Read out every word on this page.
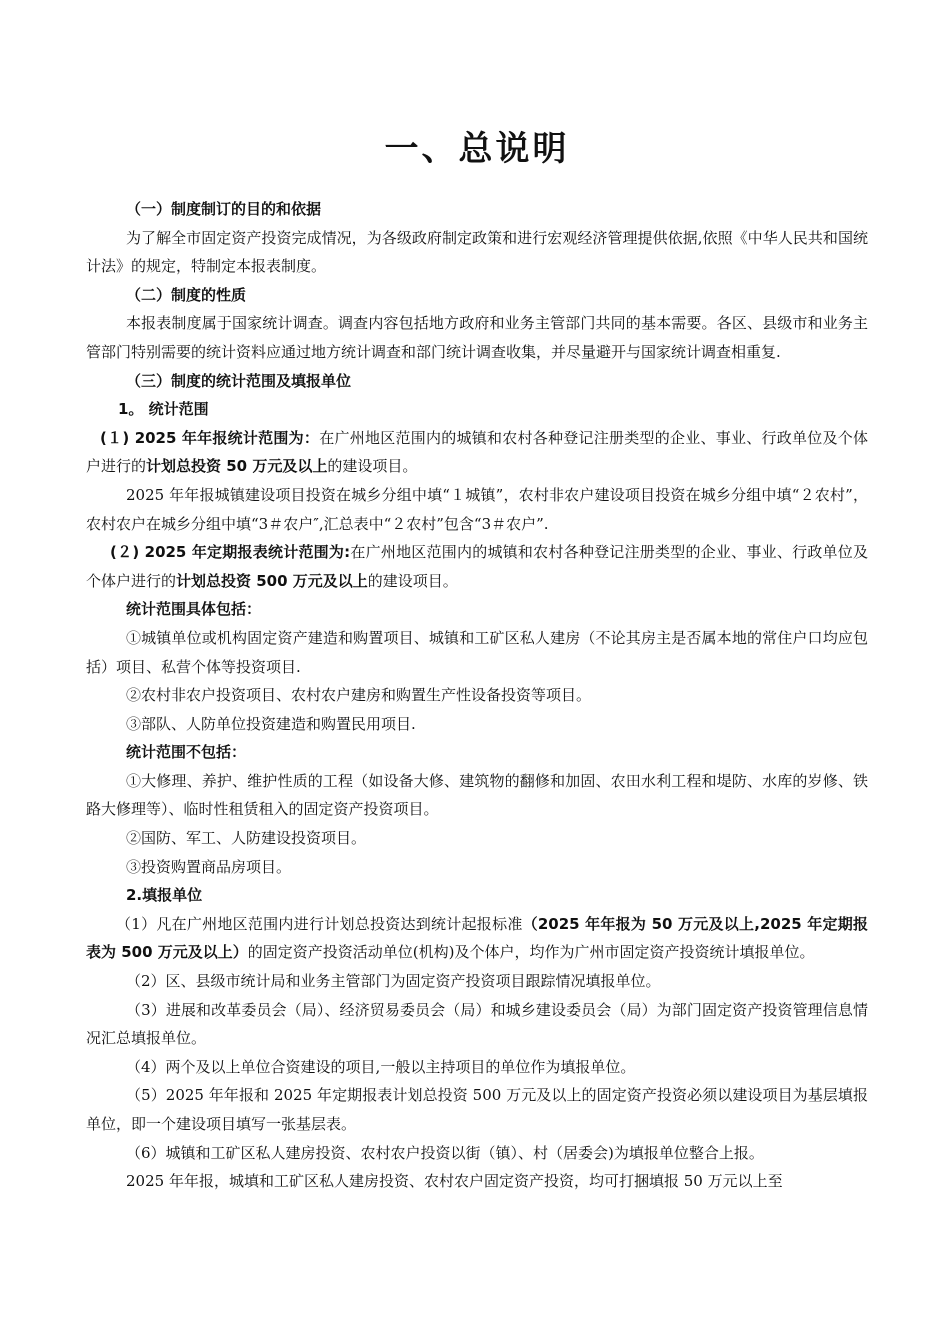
一、总说明

（一）制度制订的目的和依据

为了解全市固定资产投资完成情况，为各级政府制定政策和进行宏观经济管理提供依据,依照《中华人民共和国统计法》的规定，特制定本报表制度。

（二）制度的性质

本报表制度属于国家统计调查。调查内容包括地方政府和业务主管部门共同的基本需要。各区、县级市和业务主管部门特别需要的统计资料应通过地方统计调查和部门统计调查收集，并尽量避开与国家统计调查相重复.

（三）制度的统计范围及填报单位

1。 统计范围

(１) 2025 年年报统计范围为：在广州地区范围内的城镇和农村各种登记注册类型的企业、事业、行政单位及个体户进行的计划总投资 50 万元及以上的建设项目。

2025 年年报城镇建设项目投资在城乡分组中填“１城镇”，农村非农户建设项目投资在城乡分组中填“２农村”，农村农户在城乡分组中填“3＃农户″,汇总表中“２农村”包含“3＃农户”.

(２) 2025 年定期报表统计范围为:在广州地区范围内的城镇和农村各种登记注册类型的企业、事业、行政单位及个体户进行的计划总投资 500 万元及以上的建设项目。

统计范围具体包括：

①城镇单位或机构固定资产建造和购置项目、城镇和工矿区私人建房（不论其房主是否属本地的常住户口均应包括）项目、私营个体等投资项目.

②农村非农户投资项目、农村农户建房和购置生产性设备投资等项目。

③部队、人防单位投资建造和购置民用项目.

统计范围不包括：

①大修理、养护、维护性质的工程（如设备大修、建筑物的翻修和加固、农田水利工程和堤防、水库的岁修、铁路大修理等）、临时性租赁租入的固定资产投资项目。

②国防、军工、人防建设投资项目。

③投资购置商品房项目。

2.填报单位

（1）凡在广州地区范围内进行计划总投资达到统计起报标准（2025 年年报为 50 万元及以上,2025 年定期报表为 500 万元及以上）的固定资产投资活动单位(机构)及个体户，均作为广州市固定资产投资统计填报单位。

（2）区、县级市统计局和业务主管部门为固定资产投资项目跟踪情况填报单位。

（3）进展和改革委员会（局）、经济贸易委员会（局）和城乡建设委员会（局）为部门固定资产投资管理信息情况汇总填报单位。

（4）两个及以上单位合资建设的项目,一般以主持项目的单位作为填报单位。

（5）2025 年年报和 2025 年定期报表计划总投资 500 万元及以上的固定资产投资必须以建设项目为基层填报单位，即一个建设项目填写一张基层表。

（6）城镇和工矿区私人建房投资、农村农户投资以街（镇）、村（居委会)为填报单位整合上报。

2025 年年报，城填和工矿区私人建房投资、农村农户固定资产投资，均可打捆填报 50 万元以上至
